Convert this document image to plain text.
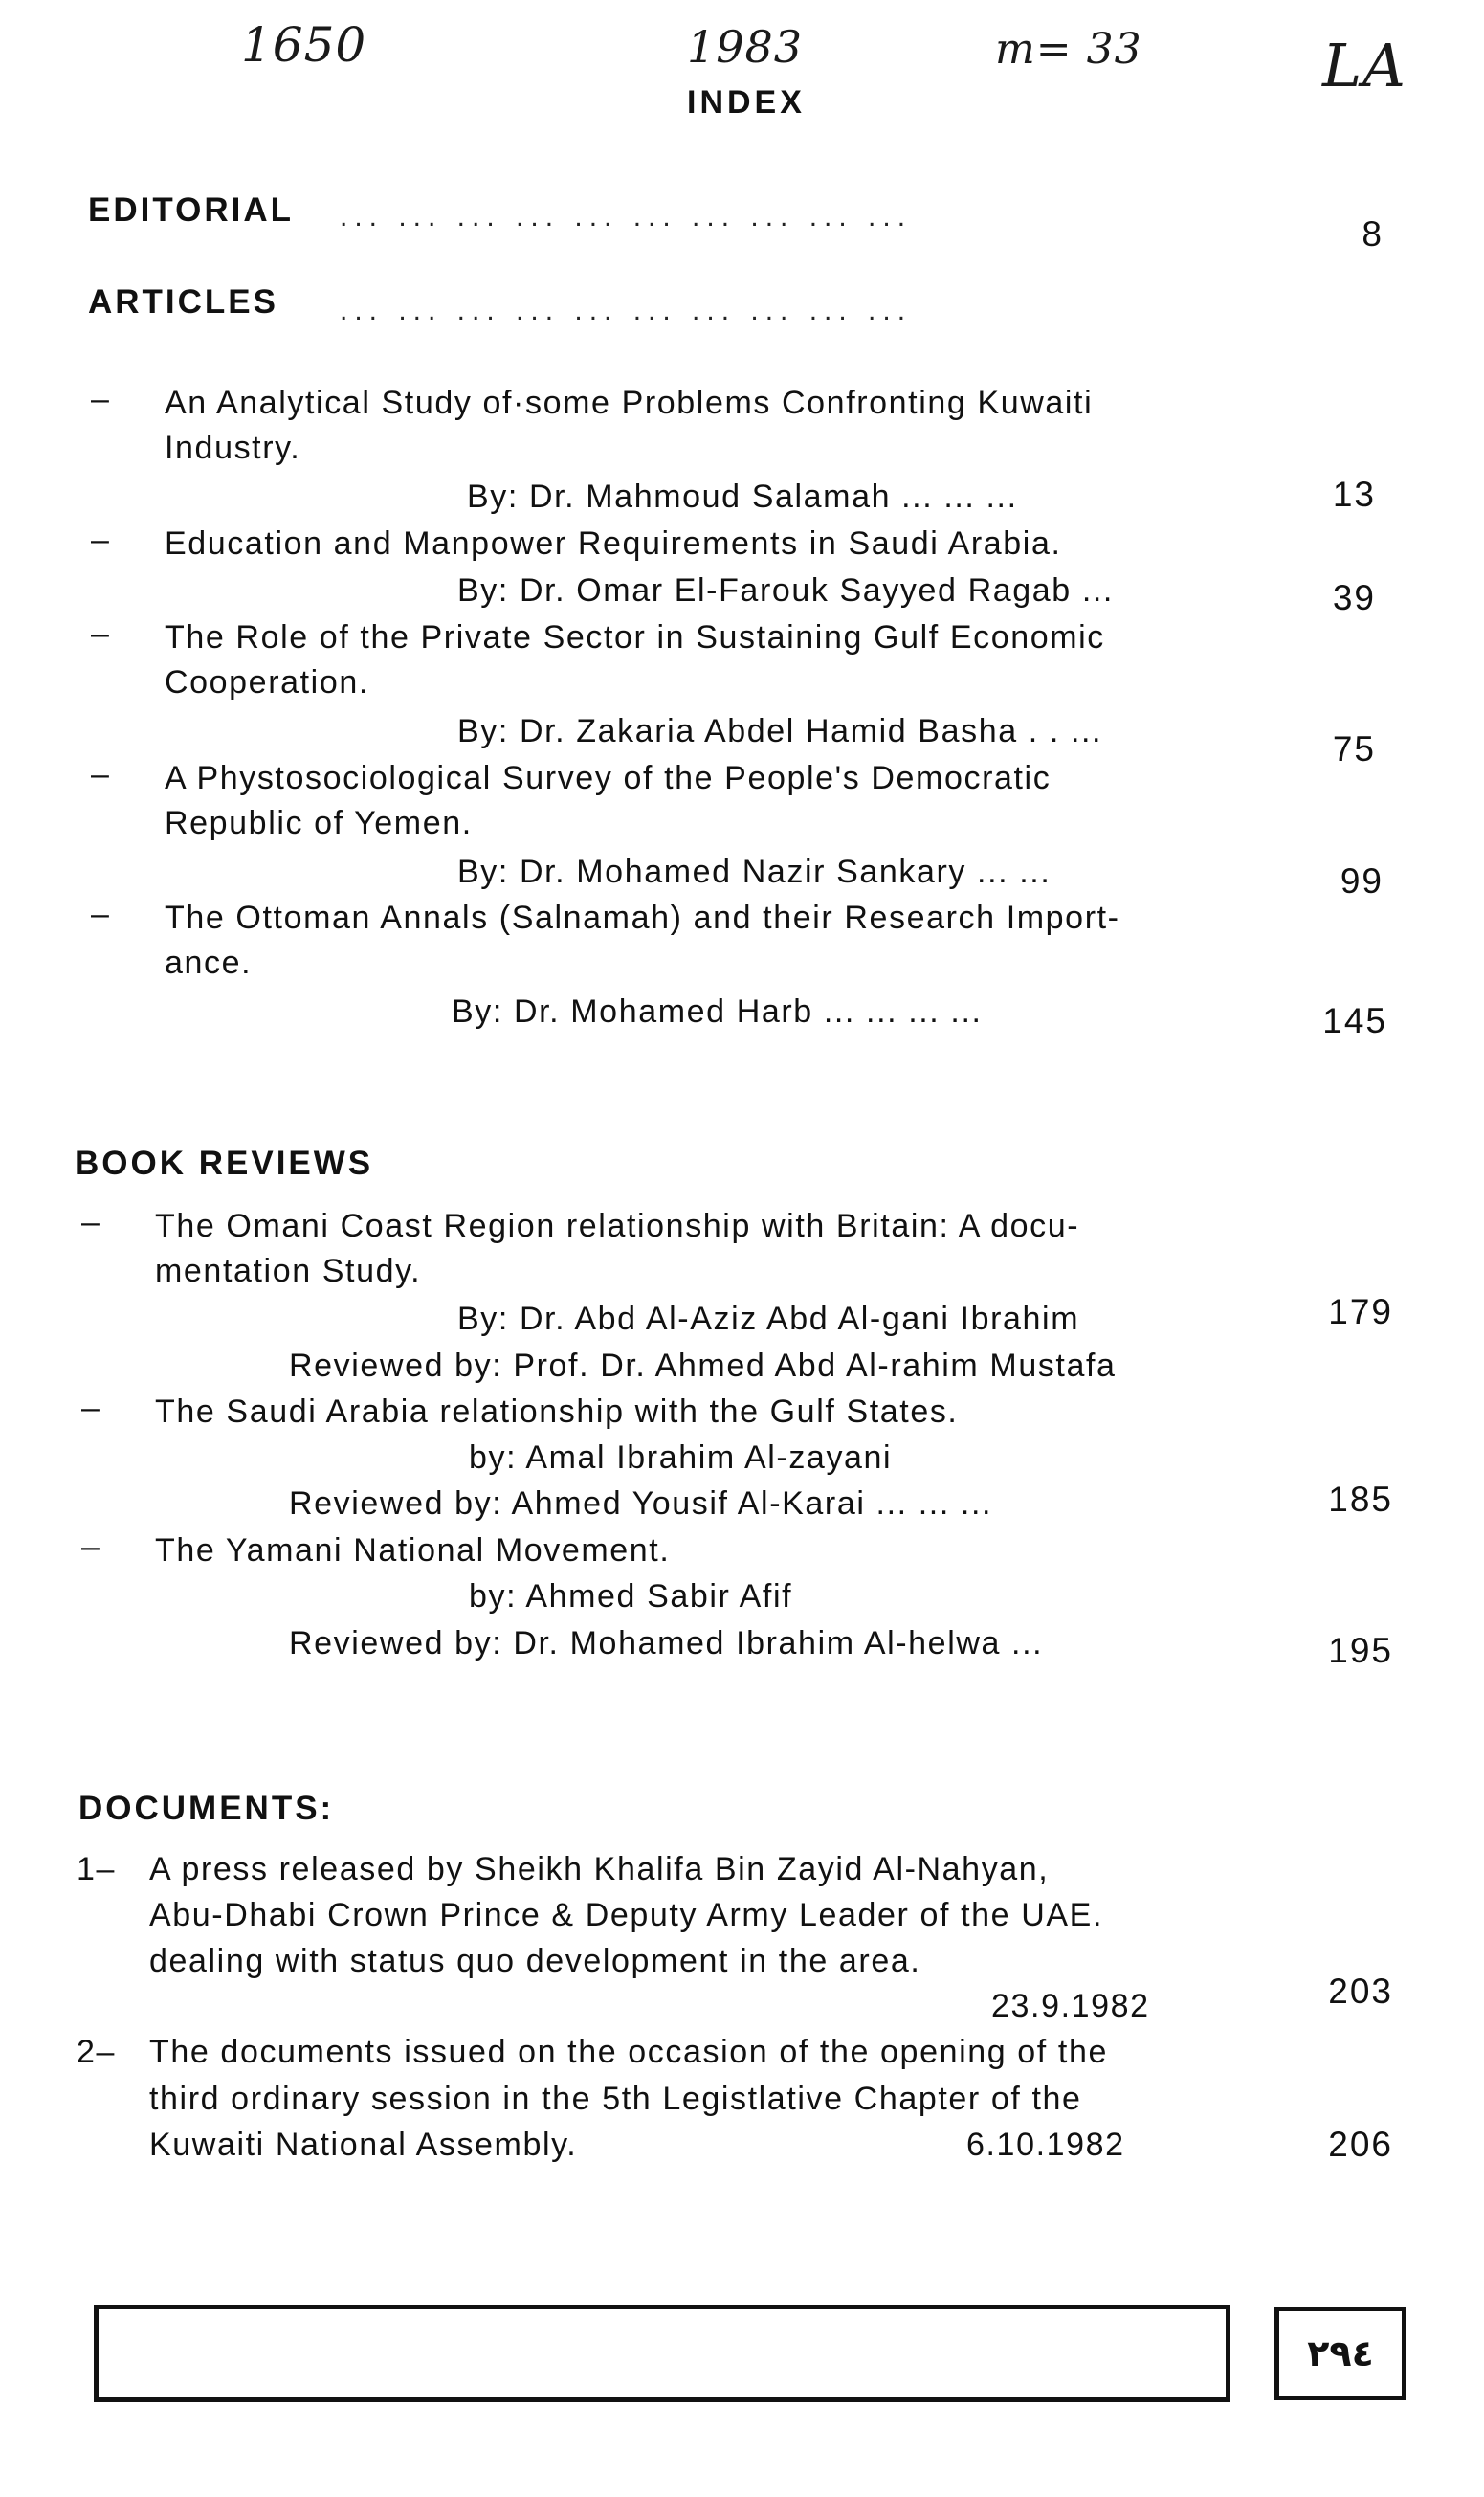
1650	1983	m= 33	LA
INDEX
EDITORIAL ... ... ... ... ... ... ... ... ... ...	8
ARTICLES ... ... ... ... ... ... ... ... ... ...
– An Analytical Study of·some Problems Confronting Kuwaiti
Industry.
By: Dr. Mahmoud Salamah ... ... ...	13
– Education and Manpower Requirements in Saudi Arabia.
By: Dr. Omar El-Farouk Sayyed Ragab ...	39
– The Role of the Private Sector in Sustaining Gulf Economic
Cooperation.
By: Dr. Zakaria Abdel Hamid Basha . . ...	75
– A Phystosociological Survey of the People's Democratic
Republic of Yemen.
By: Dr. Mohamed Nazir Sankary ... ...	99
– The Ottoman Annals (Salnamah) and their Research Import-
ance.
By: Dr. Mohamed Harb ... ... ... ...	145
BOOK REVIEWS
– The Omani Coast Region relationship with Britain: A docu-
mentation Study.
By: Dr. Abd Al-Aziz Abd Al-gani Ibrahim
Reviewed by: Prof. Dr. Ahmed Abd Al-rahim Mustafa
179
– The Saudi Arabia relationship with the Gulf States.
by: Amal Ibrahim Al-zayani
Reviewed by: Ahmed Yousif Al-Karai ... ... ...	185
– The Yamani National Movement.
by: Ahmed Sabir Afif
Reviewed by: Dr. Mohamed Ibrahim Al-helwa ...	195
DOCUMENTS:
1– A press released by Sheikh Khalifa Bin Zayid Al-Nahyan,
Abu-Dhabi Crown Prince & Deputy Army Leader of the UAE.
dealing with status quo development in the area.
23.9.1982	203
2– The documents issued on the occasion of the opening of the
third ordinary session in the 5th Legistlative Chapter of the
Kuwaiti National Assembly.	6.10.1982	206
٢٩٤
